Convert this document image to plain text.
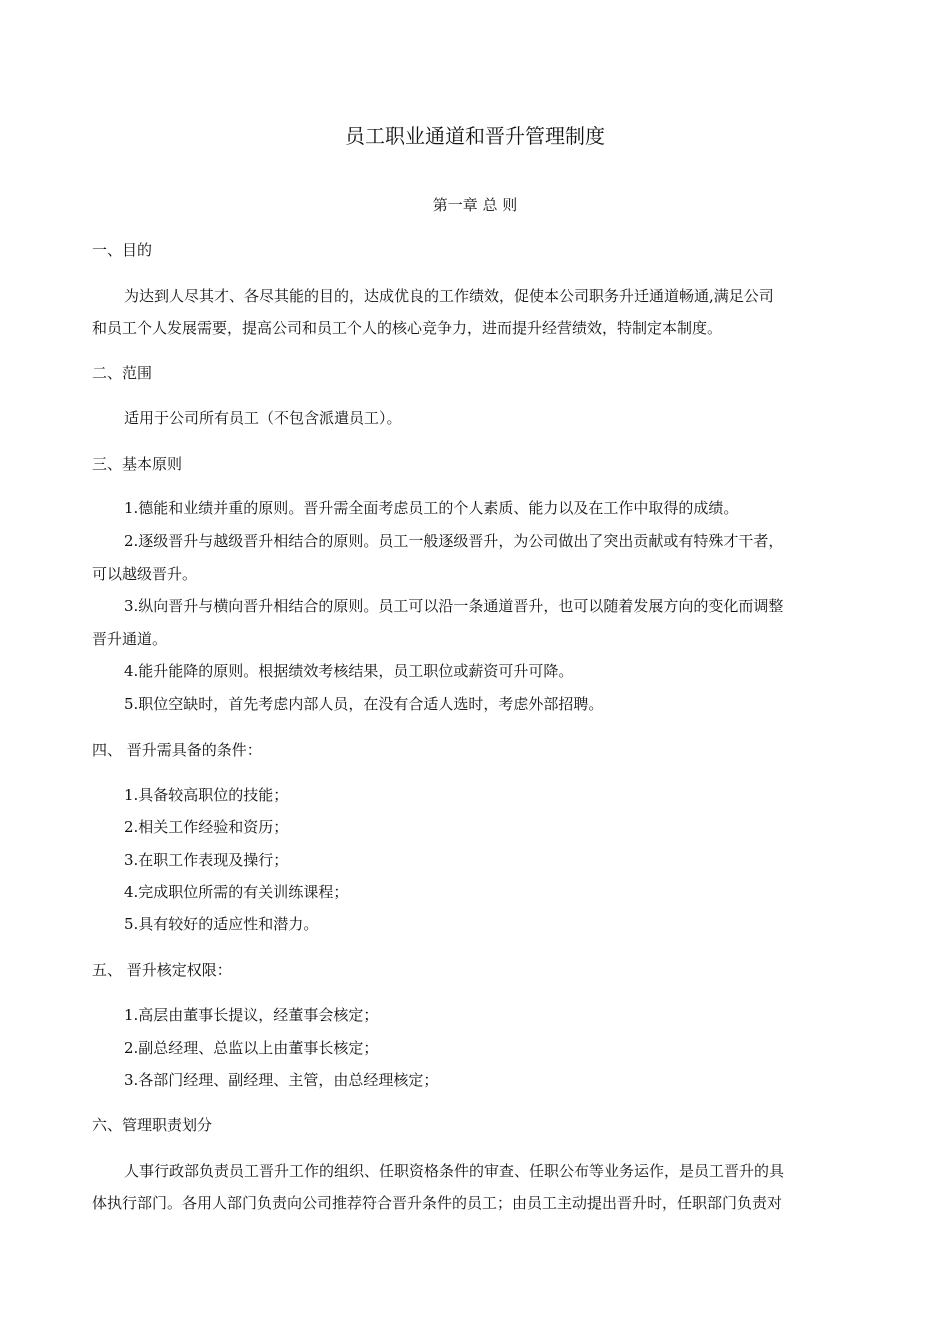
员工职业通道和晋升管理制度
第一章 总 则
一、目的
为达到人尽其才、各尽其能的目的，达成优良的工作绩效，促使本公司职务升迁通道畅通,满足公司
和员工个人发展需要，提高公司和员工个人的核心竞争力，进而提升经营绩效，特制定本制度。
二、范围
适用于公司所有员工（不包含派遣员工）。
三、基本原则
1.德能和业绩并重的原则。晋升需全面考虑员工的个人素质、能力以及在工作中取得的成绩。
2.逐级晋升与越级晋升相结合的原则。员工一般逐级晋升，为公司做出了突出贡献或有特殊才干者，
可以越级晋升。
3.纵向晋升与横向晋升相结合的原则。员工可以沿一条通道晋升，也可以随着发展方向的变化而调整
晋升通道。
4.能升能降的原则。根据绩效考核结果，员工职位或薪资可升可降。
5.职位空缺时，首先考虑内部人员，在没有合适人选时，考虑外部招聘。
四、 晋升需具备的条件：
1.具备较高职位的技能；
2.相关工作经验和资历；
3.在职工作表现及操行；
4.完成职位所需的有关训练课程；
5.具有较好的适应性和潜力。
五、 晋升核定权限：
1.高层由董事长提议，经董事会核定；
2.副总经理、总监以上由董事长核定；
3.各部门经理、副经理、主管，由总经理核定；
六、管理职责划分
人事行政部负责员工晋升工作的组织、任职资格条件的审查、任职公布等业务运作，是员工晋升的具
体执行部门。各用人部门负责向公司推荐符合晋升条件的员工；由员工主动提出晋升时，任职部门负责对
